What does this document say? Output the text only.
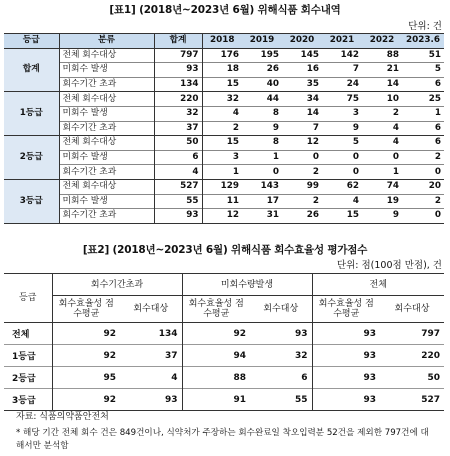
[표1] (2018년~2023년 6월) 위해식품 회수내역
단위: 건
등급	분류	합계	2018	2019	2020	2021	2022	2023.6
합계	전체 회수대상	797	176	195	145	142	88	51
	미회수 발생	93	18	26	16	7	21	5
	회수기간 초과	134	15	40	35	24	14	6
1등급	전체 회수대상	220	32	44	34	75	10	25
	미회수 발생	32	4	8	14	3	2	1
	회수기간 초과	37	2	9	7	9	4	6
2등급	전체 회수대상	50	15	8	12	5	4	6
	미회수 발생	6	3	1	0	0	0	2
	회수기간 초과	4	1	0	2	0	1	0
3등급	전체 회수대상	527	129	143	99	62	74	20
	미회수 발생	55	11	17	2	4	19	2
	회수기간 초과	93	12	31	26	15	9	0
[표2] (2018년~2023년 6월) 위해식품 회수효율성 평가점수
단위: 점(100점 만점), 건
등급	회수기간초과		미회수량발생		전체	
	회수효율성 점수평균	회수대상	회수효율성 점수평균	회수대상	회수효율성 점수평균	회수대상
전체	92	134	92	93	93	797
1등급	92	37	94	32	93	220
2등급	95	4	88	6	93	50
3등급	92	93	91	55	93	527
자료: 식품의약품안전처
* 해당 기간 전체 회수 건은 849건이나, 식약처가 주장하는 회수완료일 착오입력분 52건을 제외한 797건에 대해서만 분석함
